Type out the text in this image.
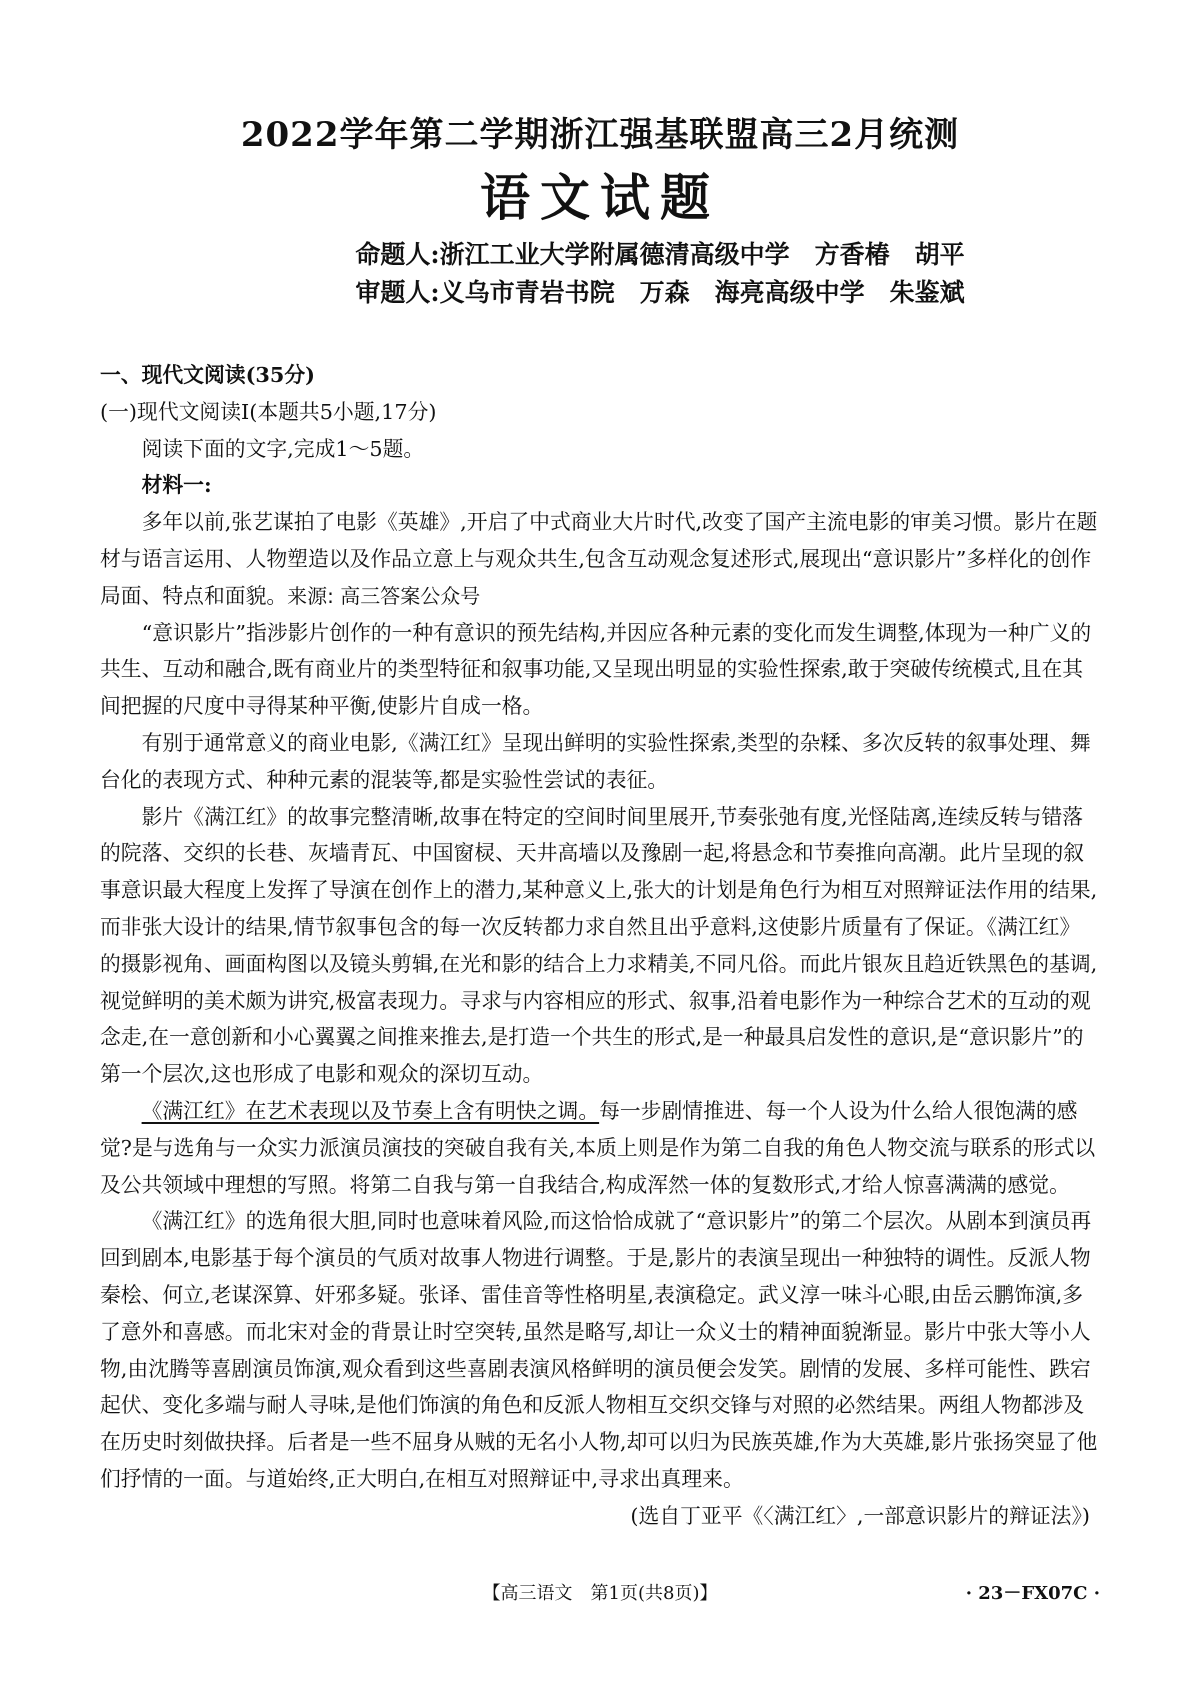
2022学年第二学期浙江强基联盟高三2月统测
语文试题
命题人:浙江工业大学附属德清高级中学　方香椿　胡平
审题人:义乌市青岩书院　万森　海亮高级中学　朱鉴斌

一、现代文阅读(35分)

(一)现代文阅读Ⅰ(本题共5小题,17分)

阅读下面的文字,完成1～5题。

材料一:

多年以前,张艺谋拍了电影《英雄》,开启了中式商业大片时代,改变了国产主流电影的审美习惯。影片在题材与语言运用、人物塑造以及作品立意上与观众共生,包含互动观念复述形式,展现出“意识影片”多样化的创作局面、特点和面貌。来源: 高三答案公众号

“意识影片”指涉影片创作的一种有意识的预先结构,并因应各种元素的变化而发生调整,体现为一种广义的共生、互动和融合,既有商业片的类型特征和叙事功能,又呈现出明显的实验性探索,敢于突破传统模式,且在其间把握的尺度中寻得某种平衡,使影片自成一格。

有别于通常意义的商业电影,《满江红》呈现出鲜明的实验性探索,类型的杂糅、多次反转的叙事处理、舞台化的表现方式、种种元素的混装等,都是实验性尝试的表征。

影片《满江红》的故事完整清晰,故事在特定的空间时间里展开,节奏张弛有度,光怪陆离,连续反转与错落的院落、交织的长巷、灰墙青瓦、中国窗棂、天井高墙以及豫剧一起,将悬念和节奏推向高潮。此片呈现的叙事意识最大程度上发挥了导演在创作上的潜力,某种意义上,张大的计划是角色行为相互对照辩证法作用的结果,而非张大设计的结果,情节叙事包含的每一次反转都力求自然且出乎意料,这使影片质量有了保证。《满江红》的摄影视角、画面构图以及镜头剪辑,在光和影的结合上力求精美,不同凡俗。而此片银灰且趋近铁黑色的基调,视觉鲜明的美术颇为讲究,极富表现力。寻求与内容相应的形式、叙事,沿着电影作为一种综合艺术的互动的观念走,在一意创新和小心翼翼之间推来推去,是打造一个共生的形式,是一种最具启发性的意识,是“意识影片”的第一个层次,这也形成了电影和观众的深切互动。

《满江红》在艺术表现以及节奏上含有明快之调。每一步剧情推进、每一个人设为什么给人很饱满的感觉?是与选角与一众实力派演员演技的突破自我有关,本质上则是作为第二自我的角色人物交流与联系的形式以及公共领域中理想的写照。将第二自我与第一自我结合,构成浑然一体的复数形式,才给人惊喜满满的感觉。

《满江红》的选角很大胆,同时也意味着风险,而这恰恰成就了“意识影片”的第二个层次。从剧本到演员再回到剧本,电影基于每个演员的气质对故事人物进行调整。于是,影片的表演呈现出一种独特的调性。反派人物秦桧、何立,老谋深算、奸邪多疑。张译、雷佳音等性格明星,表演稳定。武义淳一味斗心眼,由岳云鹏饰演,多了意外和喜感。而北宋对金的背景让时空突转,虽然是略写,却让一众义士的精神面貌渐显。影片中张大等小人物,由沈腾等喜剧演员饰演,观众看到这些喜剧表演风格鲜明的演员便会发笑。剧情的发展、多样可能性、跌宕起伏、变化多端与耐人寻味,是他们饰演的角色和反派人物相互交织交锋与对照的必然结果。两组人物都涉及在历史时刻做抉择。后者是一些不屈身从贼的无名小人物,却可以归为民族英雄,作为大英雄,影片张扬突显了他们抒情的一面。与道始终,正大明白,在相互对照辩证中,寻求出真理来。

(选自丁亚平《〈满江红〉,一部意识影片的辩证法》)

【高三语文　第1页(共8页)】	· 23－FX07C ·
